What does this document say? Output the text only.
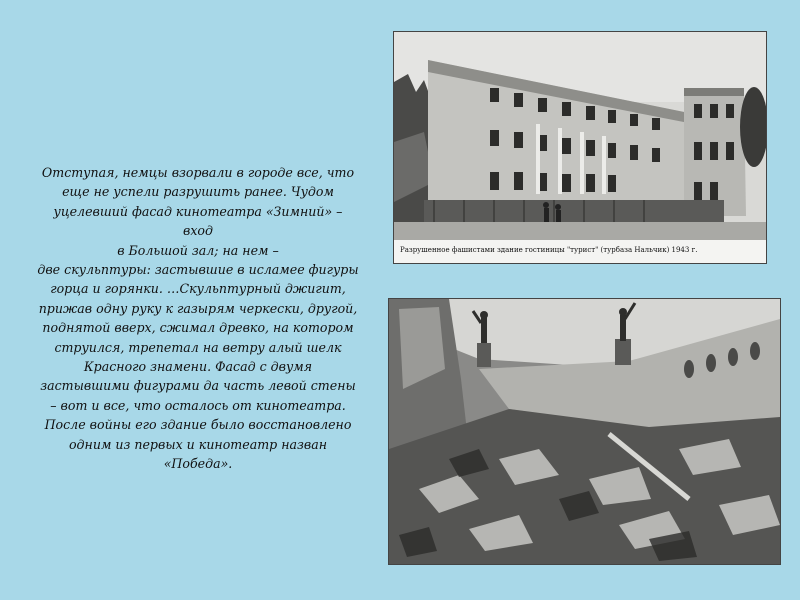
Отступая, немцы взорвали в городе все, что
еще не успели разрушить ранее. Чудом
уцелевший фасад кинотеатра «Зимний» –
вход
в Большой зал; на нем –
две скульптуры: застывшие в исламее фигуры
горца и горянки. …Скульптурный джигит,
прижав одну руку к газырям черкески, другой,
поднятой вверх, сжимал древко, на котором
струился, трепетал на ветру алый шелк
Красного знамени. Фасад с двумя
застывшими фигурами да часть левой стены
– вот и все, что осталось от кинотеатра.
После войны его здание было восстановлено
одним из первых и кинотеатр назван
«Победа».
Разрушенное фашистами здание гостиницы "турист" (турбаза Нальчик) 1943 г.
